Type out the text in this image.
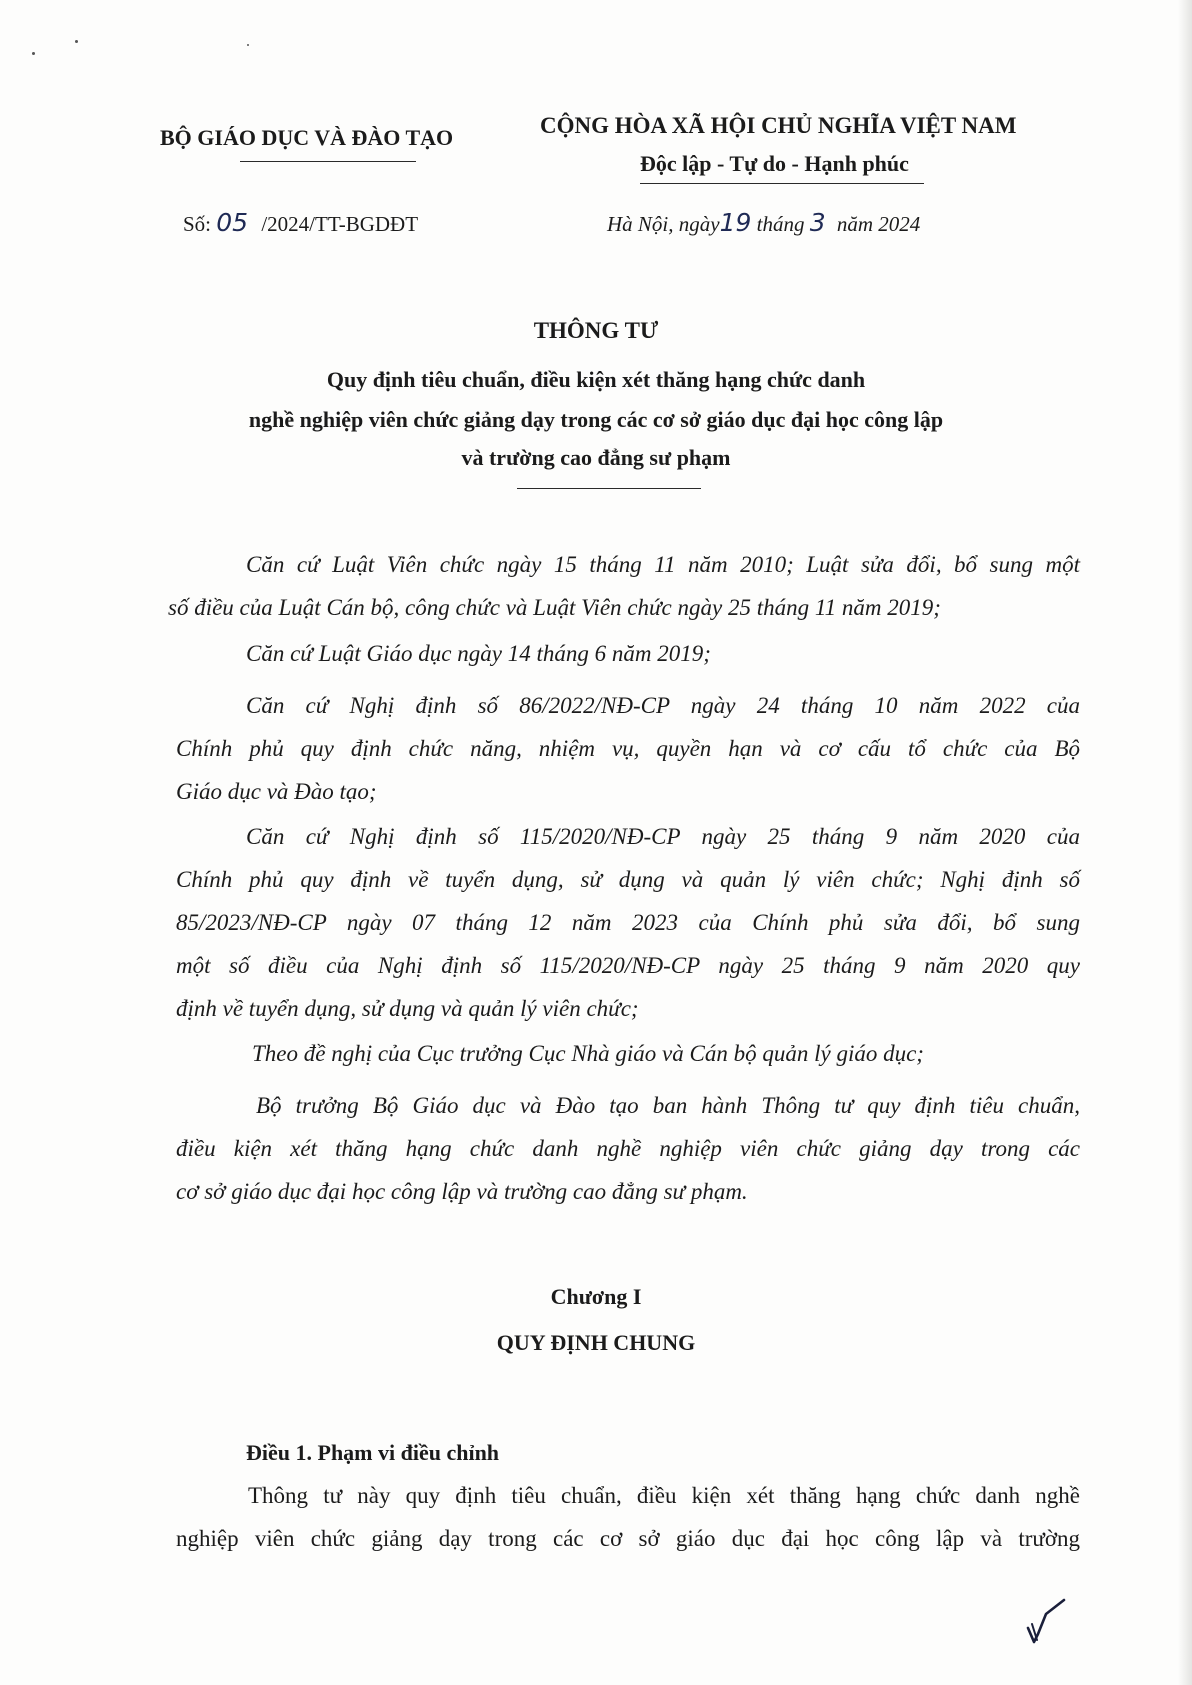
BỘ GIÁO DỤC VÀ ĐÀO TẠO	CỘNG HÒA XÃ HỘI CHỦ NGHĨA VIỆT NAM
Độc lập - Tự do - Hạnh phúc
Số: 05 /2024/TT-BGDĐT	Hà Nội, ngày19 tháng 3 năm 2024
THÔNG TƯ
Quy định tiêu chuẩn, điều kiện xét thăng hạng chức danh
nghề nghiệp viên chức giảng dạy trong các cơ sở giáo dục đại học công lập
và trường cao đẳng sư phạm
Căn cứ Luật Viên chức ngày 15 tháng 11 năm 2010; Luật sửa đổi, bổ sung một
số điều của Luật Cán bộ, công chức và Luật Viên chức ngày 25 tháng 11 năm 2019;
Căn cứ Luật Giáo dục ngày 14 tháng 6 năm 2019;
Căn cứ Nghị định số 86/2022/NĐ-CP ngày 24 tháng 10 năm 2022 của
Chính phủ quy định chức năng, nhiệm vụ, quyền hạn và cơ cấu tổ chức của Bộ
Giáo dục và Đào tạo;
Căn cứ Nghị định số 115/2020/NĐ-CP ngày 25 tháng 9 năm 2020 của
Chính phủ quy định về tuyển dụng, sử dụng và quản lý viên chức; Nghị định số
85/2023/NĐ-CP ngày 07 tháng 12 năm 2023 của Chính phủ sửa đổi, bổ sung
một số điều của Nghị định số 115/2020/NĐ-CP ngày 25 tháng 9 năm 2020 quy
định về tuyển dụng, sử dụng và quản lý viên chức;
Theo đề nghị của Cục trưởng Cục Nhà giáo và Cán bộ quản lý giáo dục;
Bộ trưởng Bộ Giáo dục và Đào tạo ban hành Thông tư quy định tiêu chuẩn,
điều kiện xét thăng hạng chức danh nghề nghiệp viên chức giảng dạy trong các
cơ sở giáo dục đại học công lập và trường cao đẳng sư phạm.
Chương I
QUY ĐỊNH CHUNG
Điều 1. Phạm vi điều chỉnh
Thông tư này quy định tiêu chuẩn, điều kiện xét thăng hạng chức danh nghề
nghiệp viên chức giảng dạy trong các cơ sở giáo dục đại học công lập và trường
